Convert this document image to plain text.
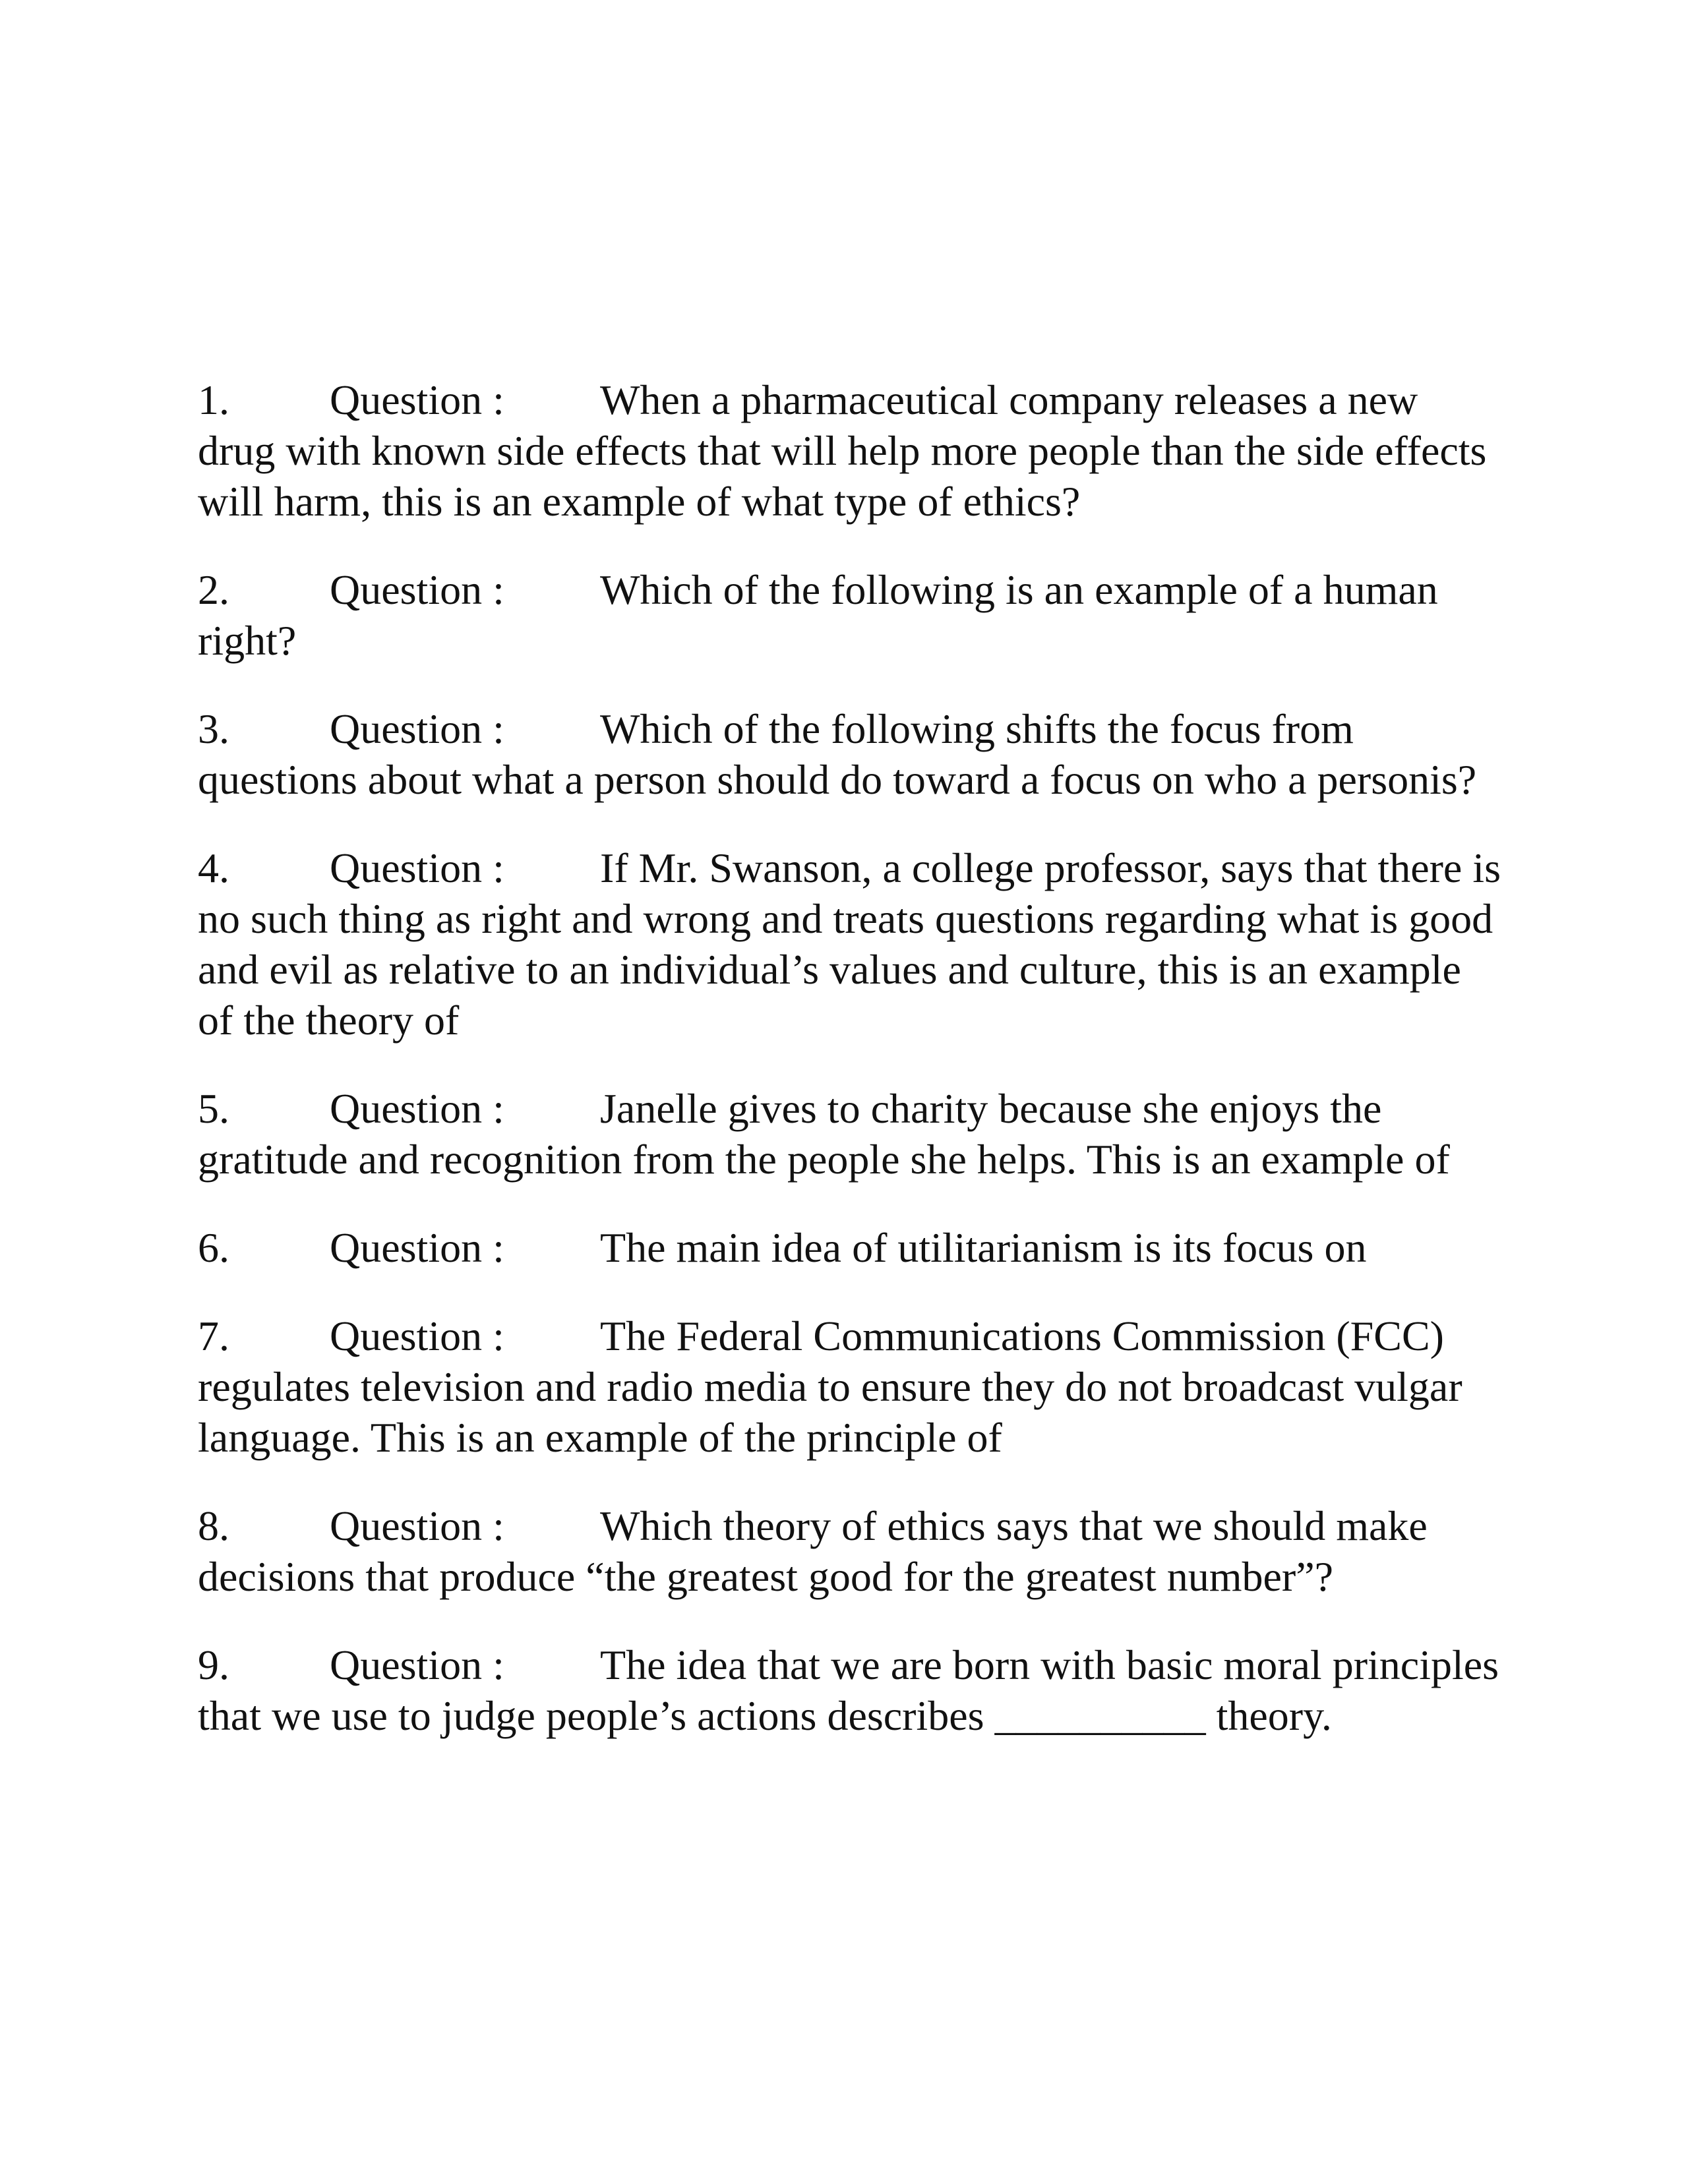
1. Question : When a pharmaceutical company releases a new drug with known side effects that will help more people than the side effects will harm, this is an example of what type of ethics?
2. Question : Which of the following is an example of a human right?
3. Question : Which of the following shifts the focus from questions about what a person should do toward a focus on who a personis?
4. Question : If Mr. Swanson, a college professor, says that there is no such thing as right and wrong and treats questions regarding what is good and evil as relative to an individual’s values and culture, this is an example of the theory of
5. Question : Janelle gives to charity because she enjoys the gratitude and recognition from the people she helps. This is an example of
6. Question : The main idea of utilitarianism is its focus on
7. Question : The Federal Communications Commission (FCC) regulates television and radio media to ensure they do not broadcast vulgar language. This is an example of the principle of
8. Question : Which theory of ethics says that we should make decisions that produce “the greatest good for the greatest number”?
9. Question : The idea that we are born with basic moral principles that we use to judge people’s actions describes __________ theory.
